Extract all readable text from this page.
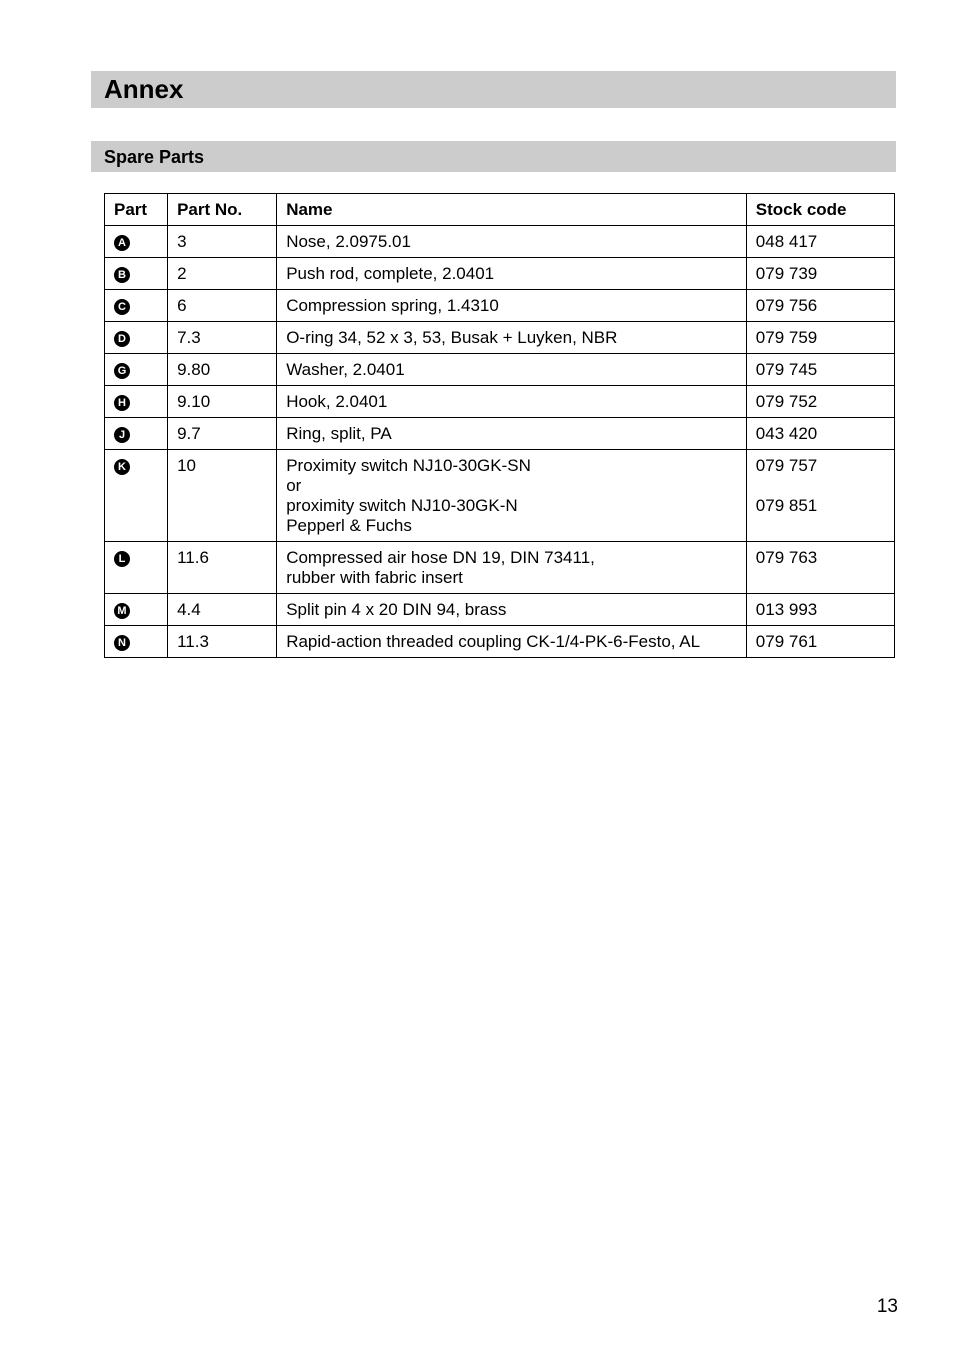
Annex
Spare Parts
Part	Part No.	Name	Stock code
A	3	Nose, 2.0975.01	048 417

B	2	Push rod, complete, 2.0401	079 739

C	6	Compression spring, 1.4310	079 756

D	7.3	O-ring 34, 52 x 3, 53, Busak + Luyken, NBR	079 759

G	9.80	Washer, 2.0401	079 745

H	9.10	Hook, 2.0401	079 752

J	9.7	Ring, split, PA	043 420

K	10	Proximity switch NJ10-30GK-SN
or
proximity switch NJ10-30GK-N
Pepperl & Fuchs	079 757
079 851

L	11.6	Compressed air hose DN 19, DIN 73411,
rubber with fabric insert	079 763

M	4.4	Split pin 4 x 20 DIN 94, brass	013 993

N	11.3	Rapid-action threaded coupling CK-1/4-PK-6-Festo, AL	079 761
13
